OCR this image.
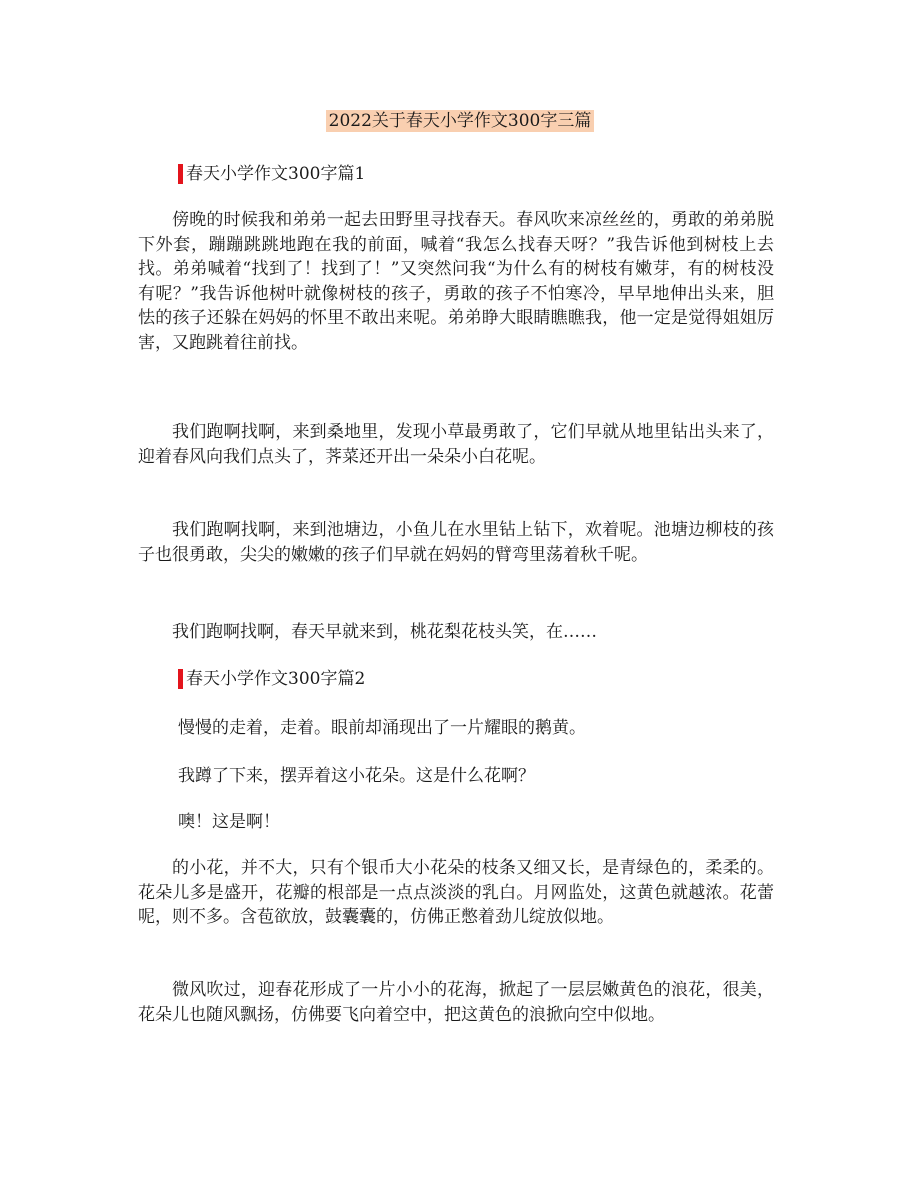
2022关于春天小学作文300字三篇
春天小学作文300字篇1

傍晚的时候我和弟弟一起去田野里寻找春天。春风吹来凉丝丝的，勇敢的弟弟脱下外套，蹦蹦跳跳地跑在我的前面，喊着“我怎么找春天呀？”我告诉他到树枝上去找。弟弟喊着“找到了！找到了！”又突然问我“为什么有的树枝有嫩芽，有的树枝没有呢？”我告诉他树叶就像树枝的孩子，勇敢的孩子不怕寒冷，早早地伸出头来，胆怯的孩子还躲在妈妈的怀里不敢出来呢。弟弟睁大眼睛瞧瞧我，他一定是觉得姐姐厉害，又跑跳着往前找。

我们跑啊找啊，来到桑地里，发现小草最勇敢了，它们早就从地里钻出头来了，迎着春风向我们点头了，荠菜还开出一朵朵小白花呢。

我们跑啊找啊，来到池塘边，小鱼儿在水里钻上钻下，欢着呢。池塘边柳枝的孩子也很勇敢，尖尖的嫩嫩的孩子们早就在妈妈的臂弯里荡着秋千呢。

我们跑啊找啊，春天早就来到，桃花梨花枝头笑，在……

春天小学作文300字篇2

慢慢的走着，走着。眼前却涌现出了一片耀眼的鹅黄。

我蹲了下来，摆弄着这小花朵。这是什么花啊？

噢！这是啊！

的小花，并不大，只有个银币大小花朵的枝条又细又长，是青绿色的，柔柔的。花朵儿多是盛开，花瓣的根部是一点点淡淡的乳白。月网监处，这黄色就越浓。花蕾呢，则不多。含苞欲放，鼓囊囊的，仿佛正憋着劲儿绽放似地。

微风吹过，迎春花形成了一片小小的花海，掀起了一层层嫩黄色的浪花，很美，花朵儿也随风飘扬，仿佛要飞向着空中，把这黄色的浪掀向空中似地。
